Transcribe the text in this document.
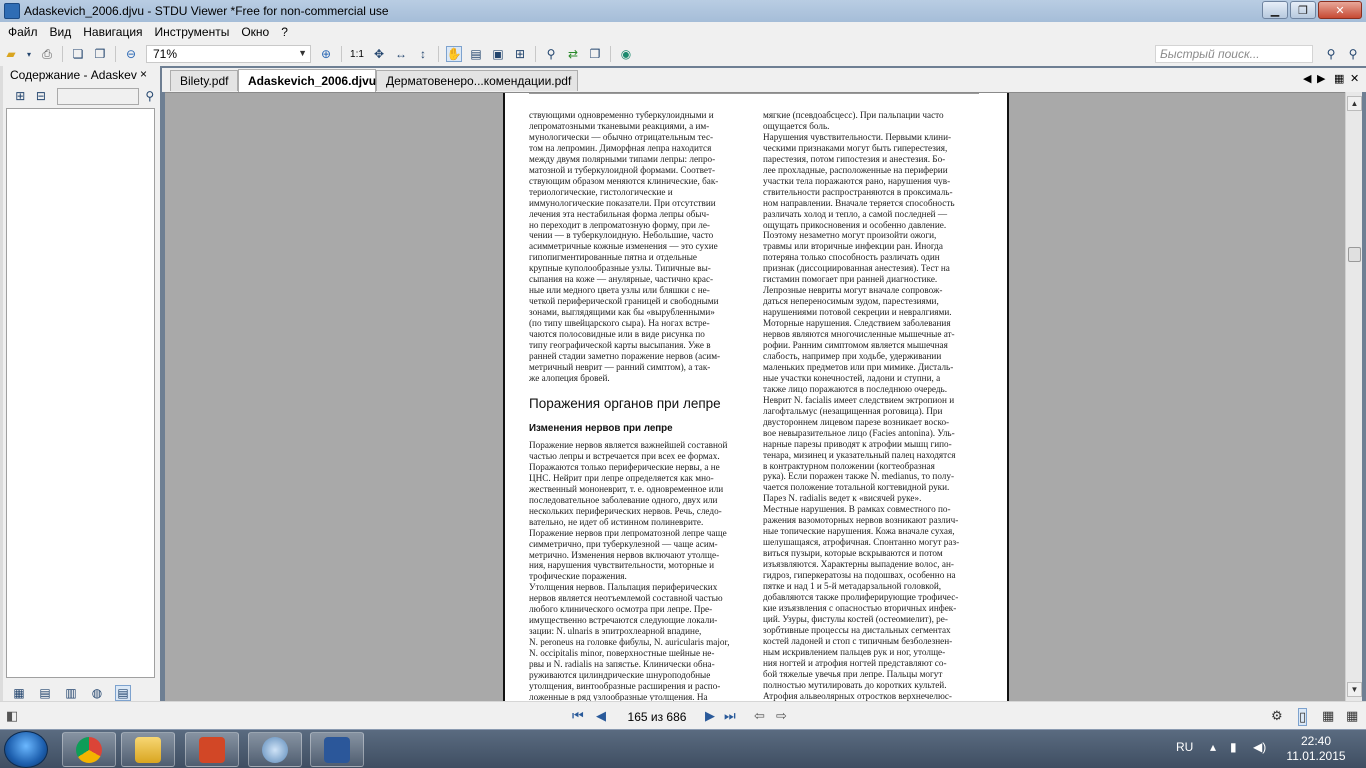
Adaskevich_2006.djvu - STDU Viewer *Free for non-commercial use	▁	❐	✕
Файл Вид Навигация Инструменты Окно ?
▰	▾ ⎙ ❏ ❐ ⊖ 71%	▼ ⊕ 1:1 ✥ ↔	↕	✋ ▤ ▣ ⊞ ⚲	⇄ ❐ ◉	Быстрый поиск...	⚲	⚲
Содержание - Adaskev ×
⊞ ⊟	⚲
▦ ▤ ▥ ◍ ▤
Bilety.pdf Adaskevich_2006.djvu Дерматовенеро...комендации.pdf	◀ ▶ ▦ ✕
ствующими одновременно туберкулоидными и
лепроматозными тканевыми реакциями, а им-
мунологически — обычно отрицательным тес-
том на лепромин. Диморфная лепра находится
между двумя полярными типами лепры: лепро-
матозной и туберкулоидной формами. Соответ-
ствующим образом меняются клинические, бак-
териологические, гистологические и
иммунологические показатели. При отсутствии
лечения эта нестабильная форма лепры обыч-
но переходит в лепроматозную форму, при ле-
чении — в туберкулоидную. Небольшие, часто
асимметричные кожные изменения — это сухие
гипопигментированные пятна и отдельные
крупные куполообразные узлы. Типичные вы-
сыпания на коже — анулярные, частично крас-
ные или медного цвета узлы или бляшки с не-
четкой периферической границей и свободными
зонами, выглядящими как бы «вырубленными»
(по типу швейцарского сыра). На ногах встре-
чаются полосовидные или в виде рисунка по
типу географической карты высыпания. Уже в
ранней стадии заметно поражение нервов (асим-
метричный неврит — ранний симптом), а так-
же алопеция бровей.
Поражения органов при лепре
Изменения нервов при лепре
Поражение нервов является важнейшей составной
частью лепры и встречается при всех ее формах.
Поражаются только периферические нервы, а не
ЦНС. Нейрит при лепре определяется как мно-
жественный мононеврит, т. е. одновременное или
последовательное заболевание одного, двух или
нескольких периферических нервов. Речь, следо-
вательно, не идет об истинном полиневрите.
Поражение нервов при лепроматозной лепре чаще
симметрично, при туберкулезной — чаще асим-
метрично. Изменения нервов включают утолще-
ния, нарушения чувствительности, моторные и
трофические поражения.
Утолщения нервов. Пальпация периферических
нервов является неотъемлемой составной частью
любого клинического осмотра при лепре. Пре-
имущественно встречаются следующие локали-
зации: N. ulnaris в эпитрохлеарной впадине,
N. peroneus на головке фибулы, N. auricularis major,
N. occipitalis minor, поверхностные шейные не-
рвы и N. radialis на запястье. Клинически обна-
руживаются цилиндрические шнуроподобные
утолщения, винтообразные расширения и распо-
ложенные в ряд узлообразные утолщения. На
мягкие (псевдоабсцесс). При пальпации часто
ощущается боль.
Нарушения чувствительности. Первыми клини-
ческими признаками могут быть гиперестезия,
парестезия, потом гипостезия и анестезия. Бо-
лее прохладные, расположенные на периферии
участки тела поражаются рано, нарушения чув-
ствительности распространяются в проксималь-
ном направлении. Вначале теряется способность
различать холод и тепло, а самой последней —
ощущать прикосновения и особенно давление.
Поэтому незаметно могут произойти ожоги,
травмы или вторичные инфекции ран. Иногда
потеряна только способность различать один
признак (диссоциированная анестезия). Тест на
гистамин помогает при ранней диагностике.
Лепрозные невриты могут вначале сопровож-
даться непереносимым зудом, парестезиями,
нарушениями потовой секреции и невралгиями.
Моторные нарушения. Следствием заболевания
нервов являются многочисленные мышечные ат-
рофии. Ранним симптомом является мышечная
слабость, например при ходьбе, удерживании
маленьких предметов или при мимике. Дисталь-
ные участки конечностей, ладони и ступни, а
также лицо поражаются в последнюю очередь.
Неврит N. facialis имеет следствием эктропион и
лагофтальмус (незащищенная роговица). При
двустороннем лицевом парезе возникает воско-
вое невыразительное лицо (Facies antonina). Уль-
нарные парезы приводят к атрофии мышц гипо-
тенара, мизинец и указательный палец находятся
в контрактурном положении (когтеобразная
рука). Если поражен также N. medianus, то полу-
чается положение тотальной когтевидной руки.
Парез N. radialis ведет к «висячей руке».
Местные нарушения. В рамках совместного по-
ражения вазомоторных нервов возникают различ-
ные топические нарушения. Кожа вначале сухая,
шелушащаяся, атрофичная. Спонтанно могут раз-
виться пузыри, которые вскрываются и потом
изъязвляются. Характерны выпадение волос, ан-
гидроз, гиперкератозы на подошвах, особенно на
пятке и над 1 и 5-й метадарзальной головкой,
добавляются также пролиферирующие трофичес-
кие изъязвления с опасностью вторичных инфек-
ций. Узуры, фистулы костей (остеомиелит), ре-
зорбтивные процессы на дистальных сегментах
костей ладоней и стоп с типичным безболезнен-
ным искривлением пальцев рук и ног, утолще-
ния ногтей и атрофия ногтей представляют со-
бой тяжелые увечья при лепре. Пальцы могут
полностью мутилировать до коротких культей.
Атрофия альвеолярных отростков верхнечелюс-
▲
▼
◧	⏮ ◀	165 из 686	▶ ⏭ ⇦ ⇨	⚙ ▯ ▦ ▦
RU ▴ ▮ ◀)	22:40
11.01.2015
